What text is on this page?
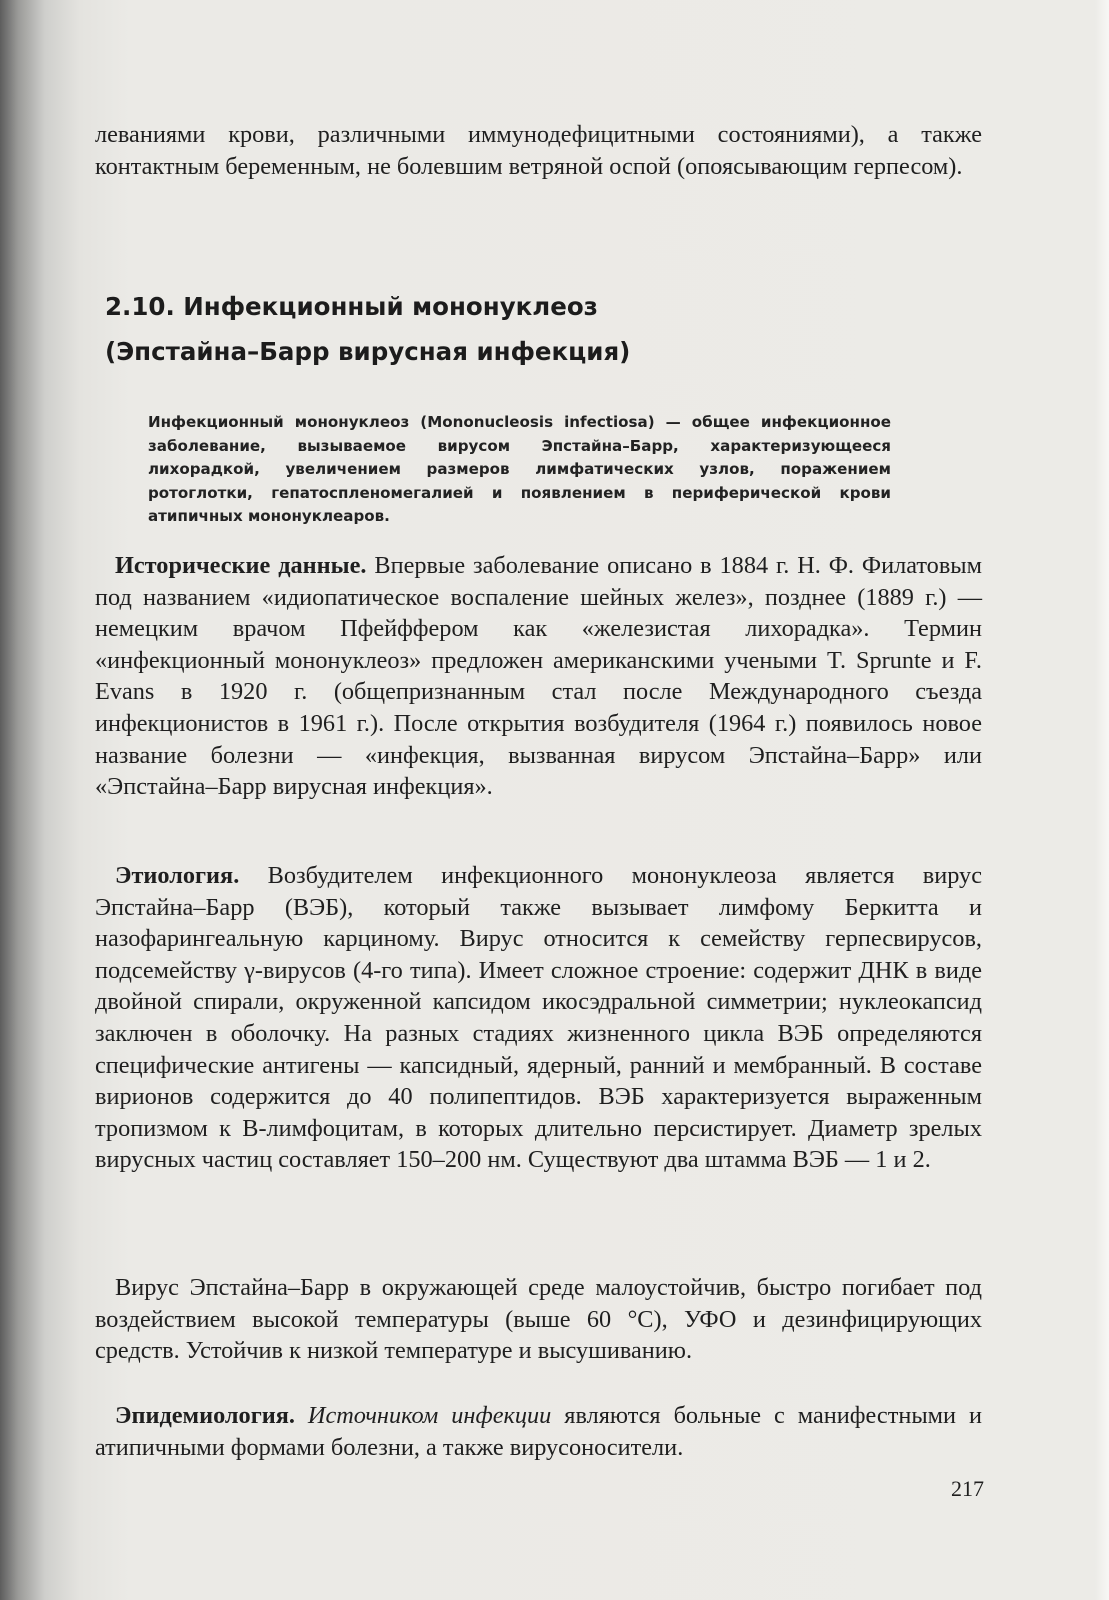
леваниями крови, различными иммунодефицитными состояниями), а также контактным беременным, не болевшим ветряной оспой (опоясывающим герпесом).

2.10. Инфекционный мононуклеоз
(Эпстайна–Барр вирусная инфекция)

Инфекционный мононуклеоз (Mononucleosis infectiosa) — общее инфекционное заболевание, вызываемое вирусом Эпстайна–Барр, характеризующееся лихорадкой, увеличением размеров лимфатических узлов, поражением ротоглотки, гепатоспленомегалией и появлением в периферической крови атипичных мононуклеаров.

Исторические данные. Впервые заболевание описано в 1884 г. Н. Ф. Филатовым под названием «идиопатическое воспаление шейных желез», позднее (1889 г.) — немецким врачом Пфейффером как «железистая лихорадка». Термин «инфекционный мононуклеоз» предложен американскими учеными T. Sprunte и F. Evans в 1920 г. (общепризнанным стал после Международного съезда инфекционистов в 1961 г.). После открытия возбудителя (1964 г.) появилось новое название болезни — «инфекция, вызванная вирусом Эпстайна–Барр» или «Эпстайна–Барр вирусная инфекция».

Этиология. Возбудителем инфекционного мононуклеоза является вирус Эпстайна–Барр (ВЭБ), который также вызывает лимфому Беркитта и назофарингеальную карциному. Вирус относится к семейству герпесвирусов, подсемейству γ-вирусов (4-го типа). Имеет сложное строение: содержит ДНК в виде двойной спирали, окруженной капсидом икосэдральной симметрии; нуклеокапсид заключен в оболочку. На разных стадиях жизненного цикла ВЭБ определяются специфические антигены — капсидный, ядерный, ранний и мембранный. В составе вирионов содержится до 40 полипептидов. ВЭБ характеризуется выраженным тропизмом к В-лимфоцитам, в которых длительно персистирует. Диаметр зрелых вирусных частиц составляет 150–200 нм. Существуют два штамма ВЭБ — 1 и 2.

Вирус Эпстайна–Барр в окружающей среде малоустойчив, быстро погибает под воздействием высокой температуры (выше 60 °С), УФО и дезинфицирующих средств. Устойчив к низкой температуре и высушиванию.

Эпидемиология. Источником инфекции являются больные с манифестными и атипичными формами болезни, а также вирусоносители.

217
